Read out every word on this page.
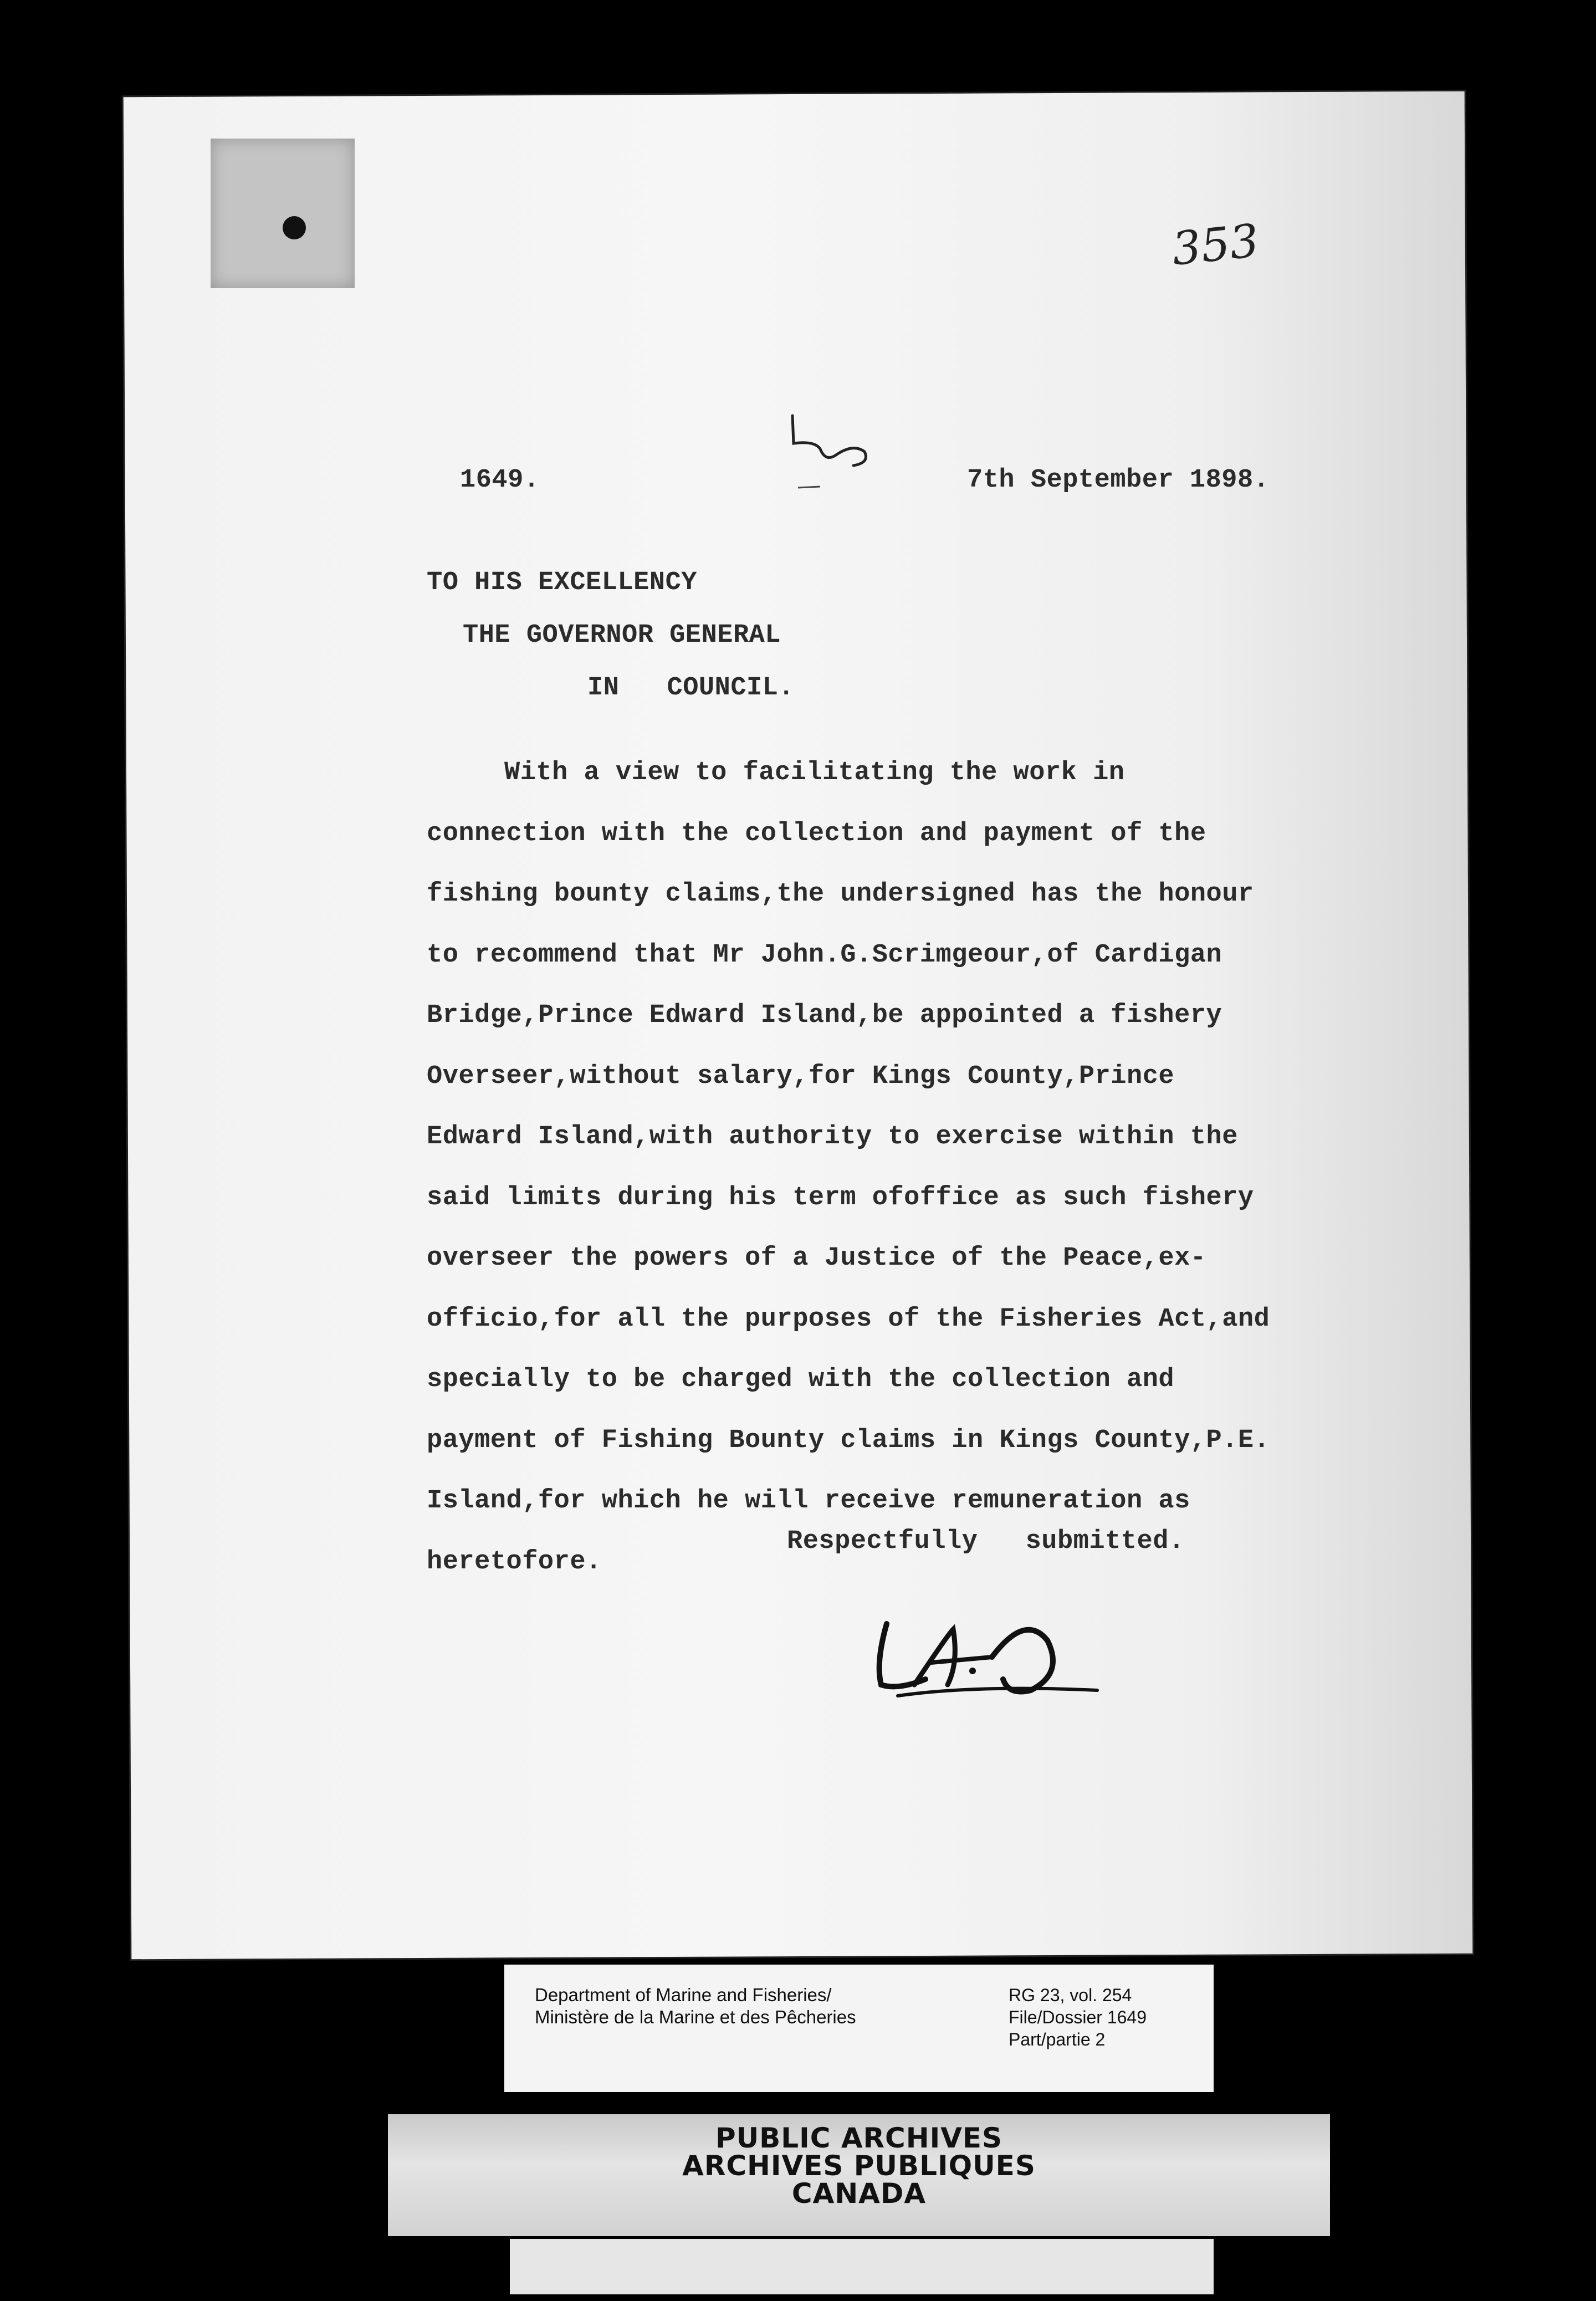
353
1649.	7th September 1898.
TO HIS EXCELLENCY
THE GOVERNOR GENERAL
IN   COUNCIL.
With a view to facilitating the work in
connection with the collection and payment of the
fishing bounty claims,the undersigned has the honour
to recommend that Mr John.G.Scrimgeour,of Cardigan
Bridge,Prince Edward Island,be appointed a fishery
Overseer,without salary,for Kings County,Prince
Edward Island,with authority to exercise within the
said limits during his term ofoffice as such fishery
overseer the powers of a Justice of the Peace,ex-
officio,for all the purposes of the Fisheries Act,and
specially to be charged with the collection and
payment of Fishing Bounty claims in Kings County,P.E.
Island,for which he will receive remuneration as
heretofore.
Respectfully   submitted.
Department of Marine and Fisheries/
Ministère de la Marine et des Pêcheries
RG 23, vol. 254
File/Dossier 1649
Part/partie 2
PUBLIC ARCHIVES
ARCHIVES PUBLIQUES
CANADA
